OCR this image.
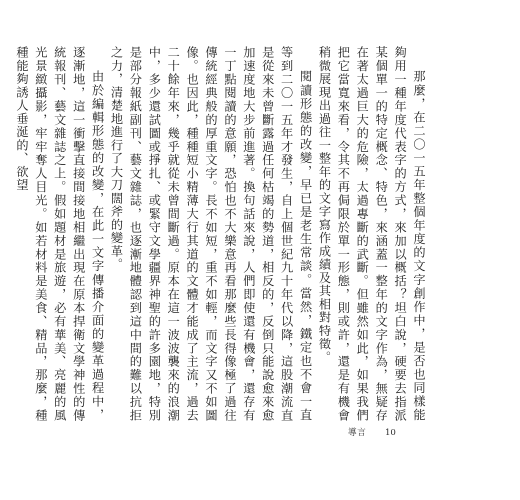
那麼，在二〇一五年整個年度的文字創作中，是否也同樣能夠用一種年度代表字的方式，來加以概括？坦白說，硬要去指派某個單一的特定概念、特色，來涵蓋一整年的文字作為，無疑存在著太過巨大的危險，太過專斷的武斷。但雖然如此，如果我們把它當寬來看，令其不再侷限於單一形態，則或許，還是有機會稍微展現出過往一整年的文字寫作成績及其相對特徵。

閱讀形態的改變，早已是老生常談。當然，鐵定也不會一直等到二〇一五年才發生，自上個世紀九十年代以降，這股潮流直是從來未曾斷露過任何枯竭的勢道，相反的，反倒只能說愈來愈加速度地大步前進著。換句話來說，人們即使還有機會，還存有一丁點閱讀的意願，恐怕也不大樂意再看那麼些長得像極了過往傳統經典般的厚重文字。長不如短，重不如輕，而文字又不如圖像。也因此，種種短小精薄大行其道的文體才能成了主流，過去二十餘年來，幾乎就從未曾間斷過。原本在這一波波襲來的浪潮中，多少還試圖或掙扎、或緊守文學疆界神聖的許多園地，特別是部分報紙副刊、藝文雜誌，也逐漸地體認到這中間的難以抗拒之力，清楚地進行了大刀闊斧的變革。

由於編輯形態的改變，在此一文字傳播介面的變革過程中，逐漸地，這一衝擊直接間接地相繼出現在原本捍衛文學神性的傳統報刊、藝文雜誌之上。假如題材是旅遊，必有華美、亮麗的風光景緻攝影，牢牢奪人目光。如若材料是美食、精品，那麼，種種能夠誘人垂涎的、欲望

導言 10
